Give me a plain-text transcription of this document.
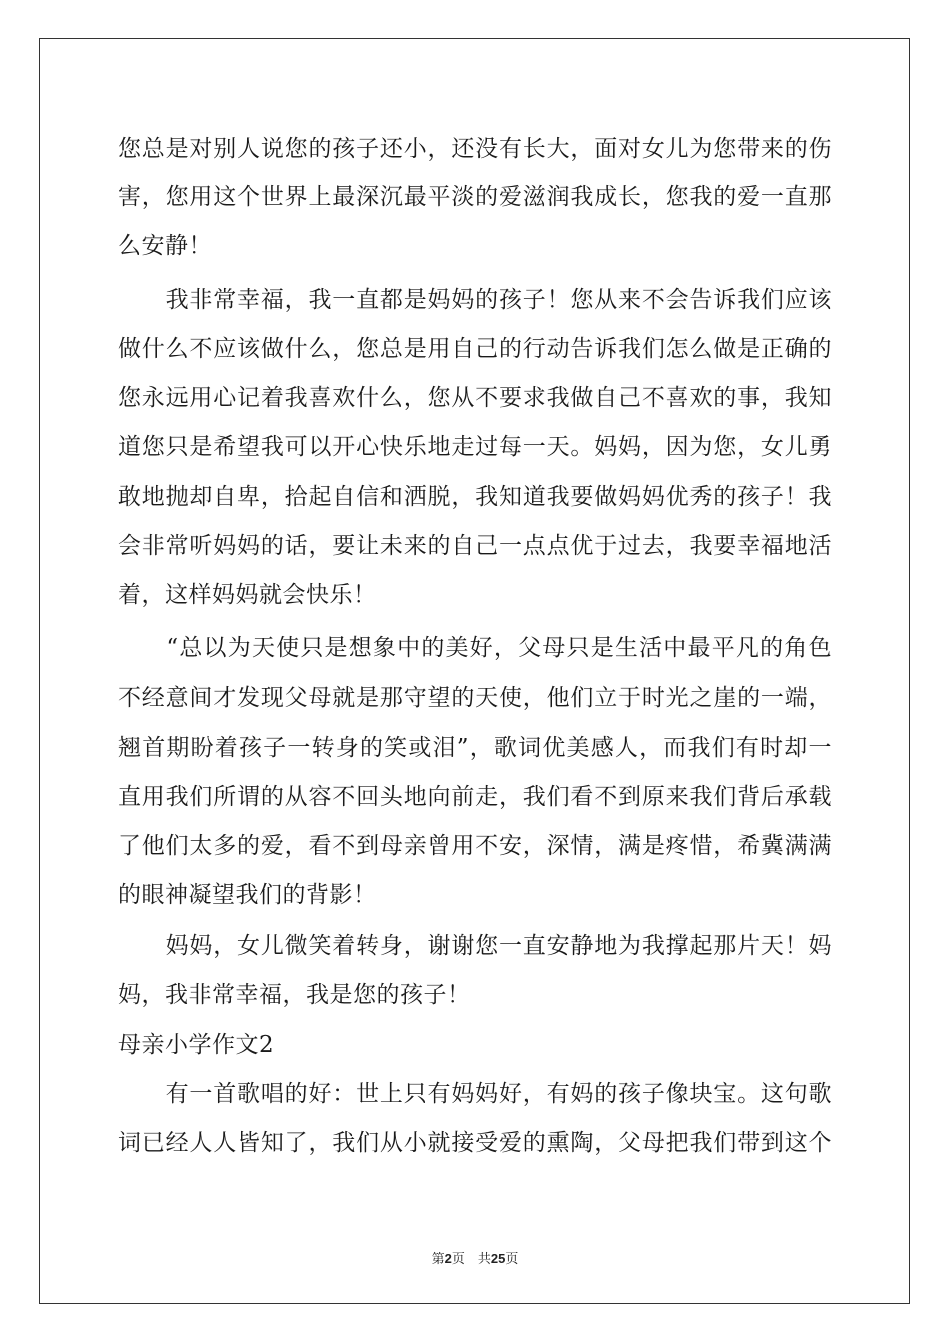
您总是对别人说您的孩子还小，还没有长大，面对女儿为您带来的伤
害，您用这个世界上最深沉最平淡的爱滋润我成长，您我的爱一直那
么安静！
　　我非常幸福，我一直都是妈妈的孩子！您从来不会告诉我们应该
做什么不应该做什么，您总是用自己的行动告诉我们怎么做是正确的
您永远用心记着我喜欢什么，您从不要求我做自己不喜欢的事，我知
道您只是希望我可以开心快乐地走过每一天。妈妈，因为您，女儿勇
敢地抛却自卑，拾起自信和洒脱，我知道我要做妈妈优秀的孩子！我
会非常听妈妈的话，要让未来的自己一点点优于过去，我要幸福地活
着，这样妈妈就会快乐！
　　“总以为天使只是想象中的美好，父母只是生活中最平凡的角色
不经意间才发现父母就是那守望的天使，他们立于时光之崖的一端，
翘首期盼着孩子一转身的笑或泪”，歌词优美感人，而我们有时却一
直用我们所谓的从容不回头地向前走，我们看不到原来我们背后承载
了他们太多的爱，看不到母亲曾用不安，深情，满是疼惜，希冀满满
的眼神凝望我们的背影！
　　妈妈，女儿微笑着转身，谢谢您一直安静地为我撑起那片天！妈
妈，我非常幸福，我是您的孩子！
母亲小学作文2
　　有一首歌唱的好：世上只有妈妈好，有妈的孩子像块宝。这句歌
词已经人人皆知了，我们从小就接受爱的熏陶，父母把我们带到这个
第2页　共25页
